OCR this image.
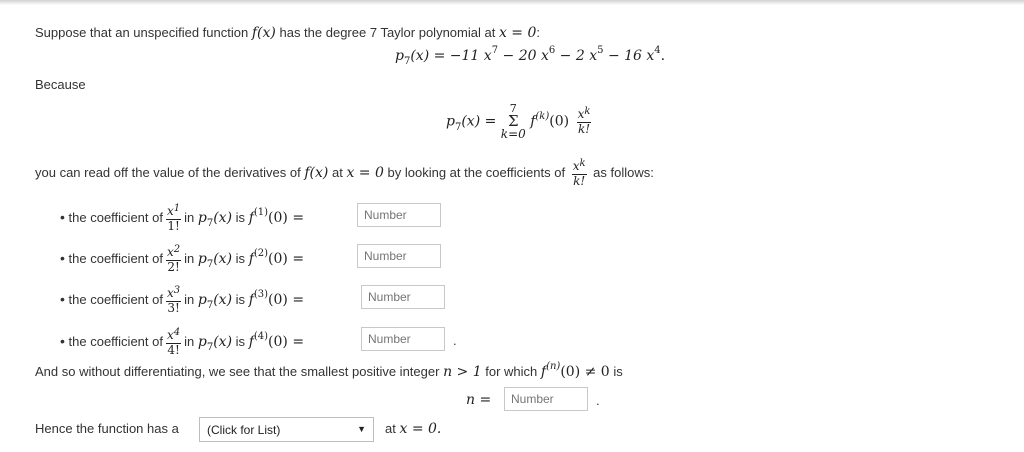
Suppose that an unspecified function f(x) has the degree 7 Taylor polynomial at x = 0:
$p_7(x) = -11$ $x^7 - 20$ $x^6 - 2$ $x^5 - 16$ $x^4$.
Because
$p_7(x)$ =
7
Σ
k=0
$f^{(k)}(0) \frac{x^k}{k!}$
you can read off the value of the derivatives of f(x) at x = 0 by looking at the coefficients of $\frac{x^k}{k!}$ as follows:
• the coefficient of $\frac{x^1}{1!}$ in $p_7(x)$ is $f^{(1)}(0)$ =
Number
• the coefficient of $\frac{x^2}{2!}$ in $p_7(x)$ is $f^{(2)}(0)$ =
Number
• the coefficient of $\frac{x^3}{3!}$ in $p_7(x)$ is $f^{(3)}(0)$ =
Number
• the coefficient of $\frac{x^4}{4!}$ in $p_7(x)$ is $f^{(4)}(0)$ =
Number	.
And so without differentiating, we see that the smallest positive integer n > 1 for which $f^{(n)}(0) \ne 0$ is
n =
Number	.
Hence the function has a	(Click for List)	▼ at x = 0.
